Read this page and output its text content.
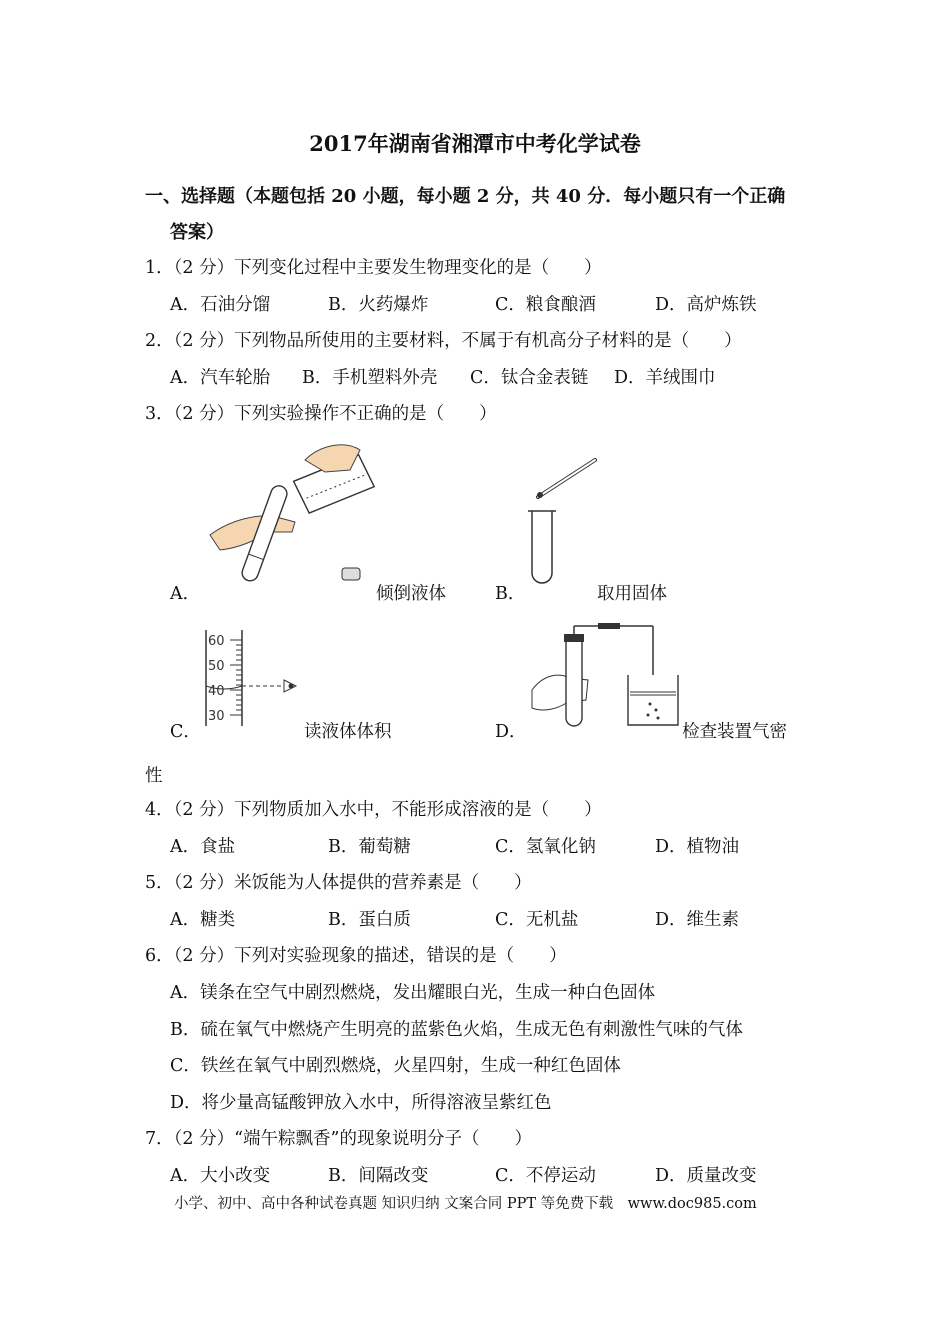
2017年湖南省湘潭市中考化学试卷
一、选择题（本题包括 20 小题，每小题 2 分，共 40 分．每小题只有一个正确
答案）
1．（2 分）下列变化过程中主要发生物理变化的是（　　）
A．石油分馏	B．火药爆炸	C．粮食酿酒	D．高炉炼铁
2．（2 分）下列物品所使用的主要材料，不属于有机高分子材料的是（　　）
A．汽车轮胎 B．手机塑料外壳 C．钛合金表链 D．羊绒围巾
3．（2 分）下列实验操作不正确的是（　　）
A．	倾倒液体	B．	取用固体
60
50
40
30
C．	读液体体积	D．	检查装置气密
性
4．（2 分）下列物质加入水中，不能形成溶液的是（　　）
A．食盐	B．葡萄糖	C．氢氧化钠	D．植物油
5．（2 分）米饭能为人体提供的营养素是（　　）
A．糖类	B．蛋白质	C．无机盐	D．维生素
6．（2 分）下列对实验现象的描述，错误的是（　　）
A．镁条在空气中剧烈燃烧，发出耀眼白光，生成一种白色固体
B．硫在氧气中燃烧产生明亮的蓝紫色火焰，生成无色有刺激性气味的气体
C．铁丝在氧气中剧烈燃烧，火星四射，生成一种红色固体
D．将少量高锰酸钾放入水中，所得溶液呈紫红色
7．（2 分）“端午粽飘香”的现象说明分子（　　）
A．大小改变	B．间隔改变	C．不停运动	D．质量改变
小学、初中、高中各种试卷真题 知识归纳 文案合同 PPT 等免费下载　www.doc985.com
